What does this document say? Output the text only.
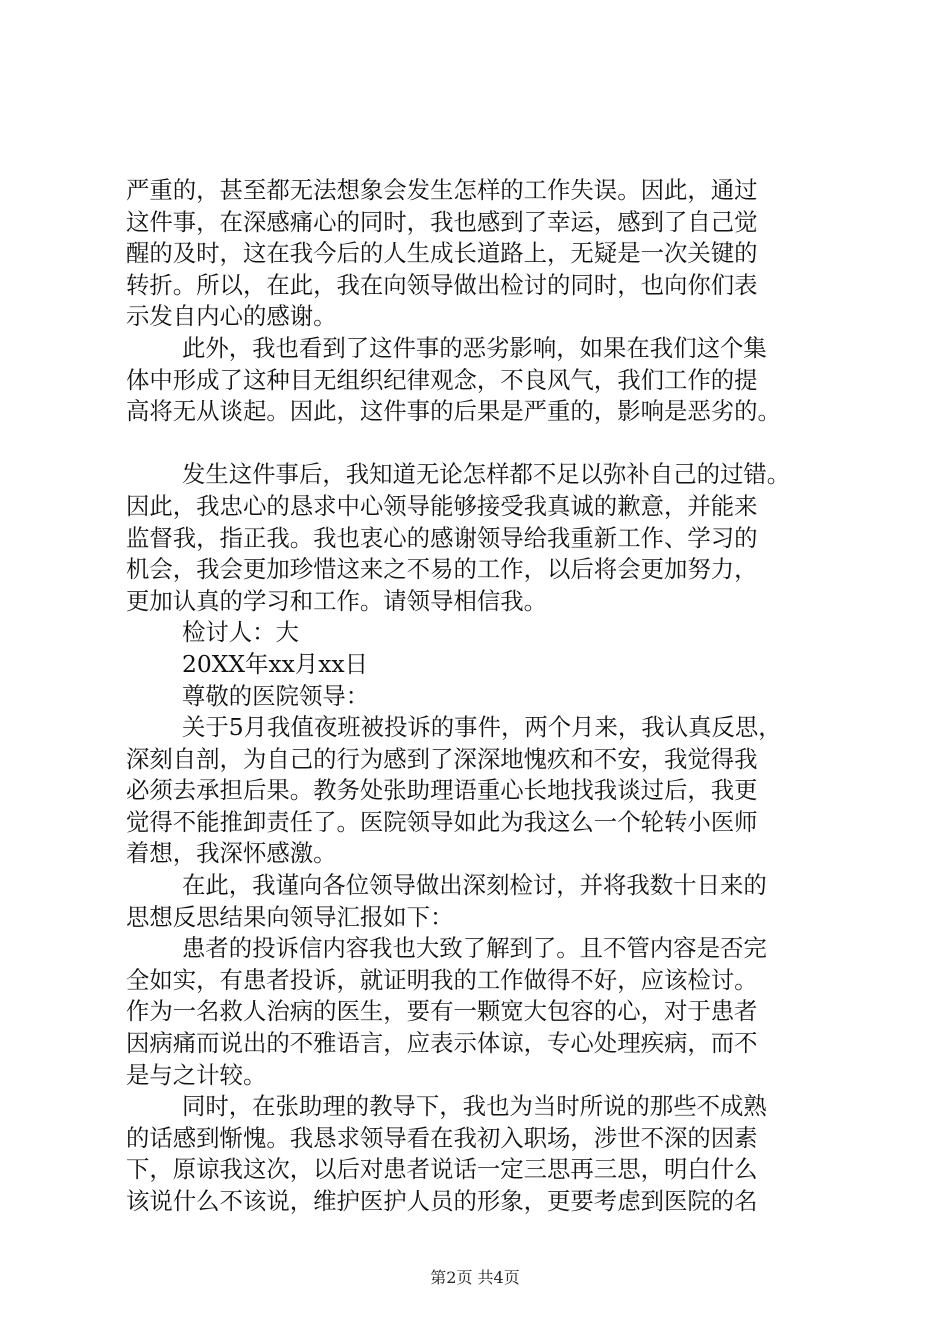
严重的，甚至都无法想象会发生怎样的工作失误。因此，通过
这件事，在深感痛心的同时，我也感到了幸运，感到了自己觉
醒的及时，这在我今后的人生成长道路上，无疑是一次关键的
转折。所以，在此，我在向领导做出检讨的同时，也向你们表
示发自内心的感谢。
此外，我也看到了这件事的恶劣影响，如果在我们这个集
体中形成了这种目无组织纪律观念，不良风气，我们工作的提
高将无从谈起。因此，这件事的后果是严重的，影响是恶劣的。
发生这件事后，我知道无论怎样都不足以弥补自己的过错。
因此，我忠心的恳求中心领导能够接受我真诚的歉意，并能来
监督我，指正我。我也衷心的感谢领导给我重新工作、学习的
机会，我会更加珍惜这来之不易的工作，以后将会更加努力，
更加认真的学习和工作。请领导相信我。
检讨人：大
20XX年xx月xx日
尊敬的医院领导：
关于5月我值夜班被投诉的事件，两个月来，我认真反思，
深刻自剖，为自己的行为感到了深深地愧疚和不安，我觉得我
必须去承担后果。教务处张助理语重心长地找我谈过后，我更
觉得不能推卸责任了。医院领导如此为我这么一个轮转小医师
着想，我深怀感激。
在此，我谨向各位领导做出深刻检讨，并将我数十日来的
思想反思结果向领导汇报如下：
患者的投诉信内容我也大致了解到了。且不管内容是否完
全如实，有患者投诉，就证明我的工作做得不好，应该检讨。
作为一名救人治病的医生，要有一颗宽大包容的心，对于患者
因病痛而说出的不雅语言，应表示体谅，专心处理疾病，而不
是与之计较。
同时，在张助理的教导下，我也为当时所说的那些不成熟
的话感到惭愧。我恳求领导看在我初入职场，涉世不深的因素
下，原谅我这次，以后对患者说话一定三思再三思，明白什么
该说什么不该说，维护医护人员的形象，更要考虑到医院的名
第2页 共4页
